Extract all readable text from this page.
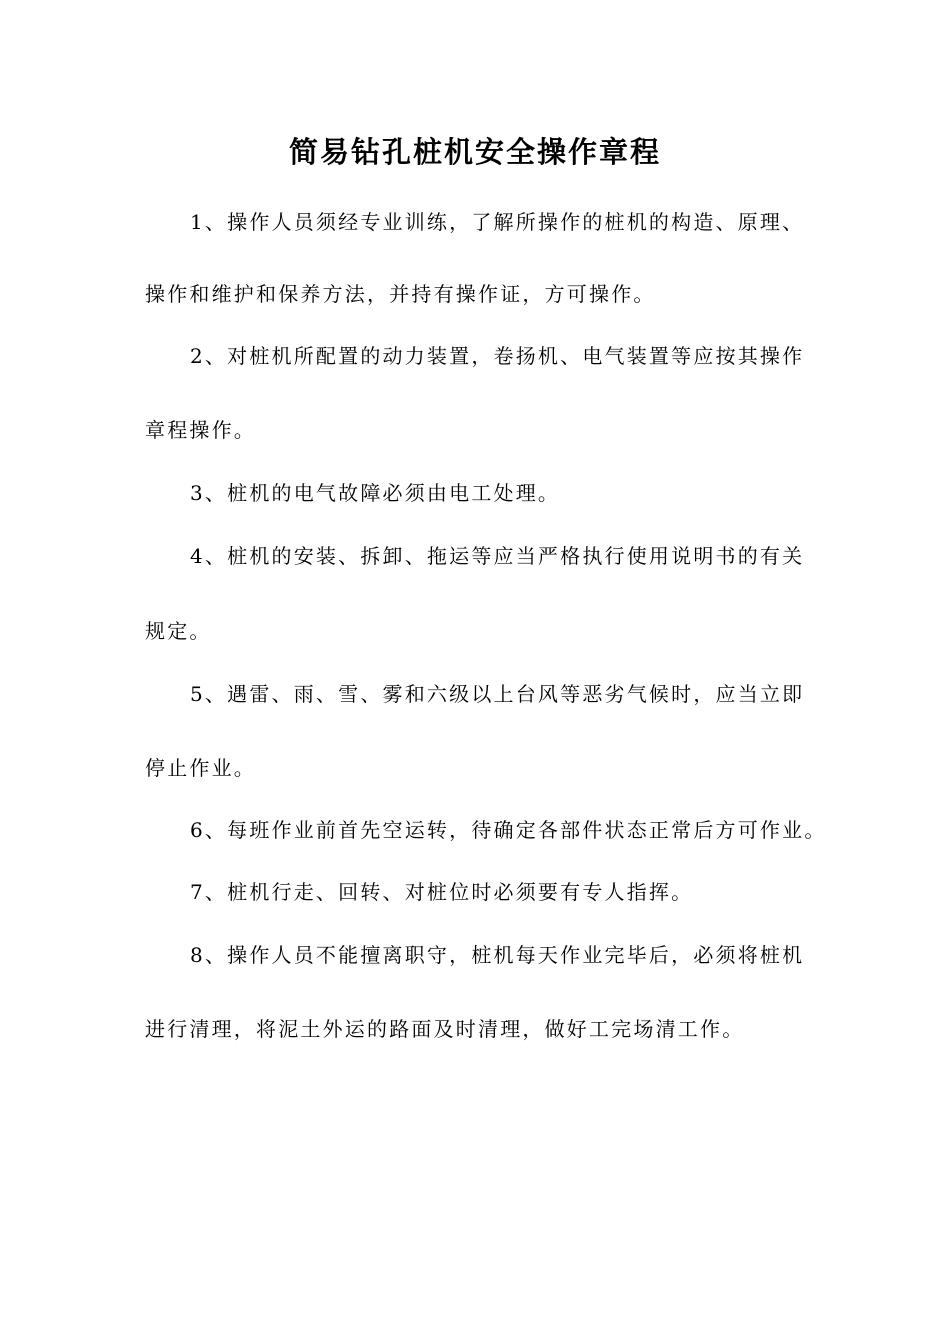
简易钻孔桩机安全操作章程
1、操作人员须经专业训练，了解所操作的桩机的构造、原理、
操作和维护和保养方法，并持有操作证，方可操作。
2、对桩机所配置的动力装置，卷扬机、电气装置等应按其操作
章程操作。
3、桩机的电气故障必须由电工处理。
4、桩机的安装、拆卸、拖运等应当严格执行使用说明书的有关
规定。
5、遇雷、雨、雪、雾和六级以上台风等恶劣气候时，应当立即
停止作业。
6、每班作业前首先空运转，待确定各部件状态正常后方可作业。
7、桩机行走、回转、对桩位时必须要有专人指挥。
8、操作人员不能擅离职守，桩机每天作业完毕后，必须将桩机
进行清理，将泥土外运的路面及时清理，做好工完场清工作。
